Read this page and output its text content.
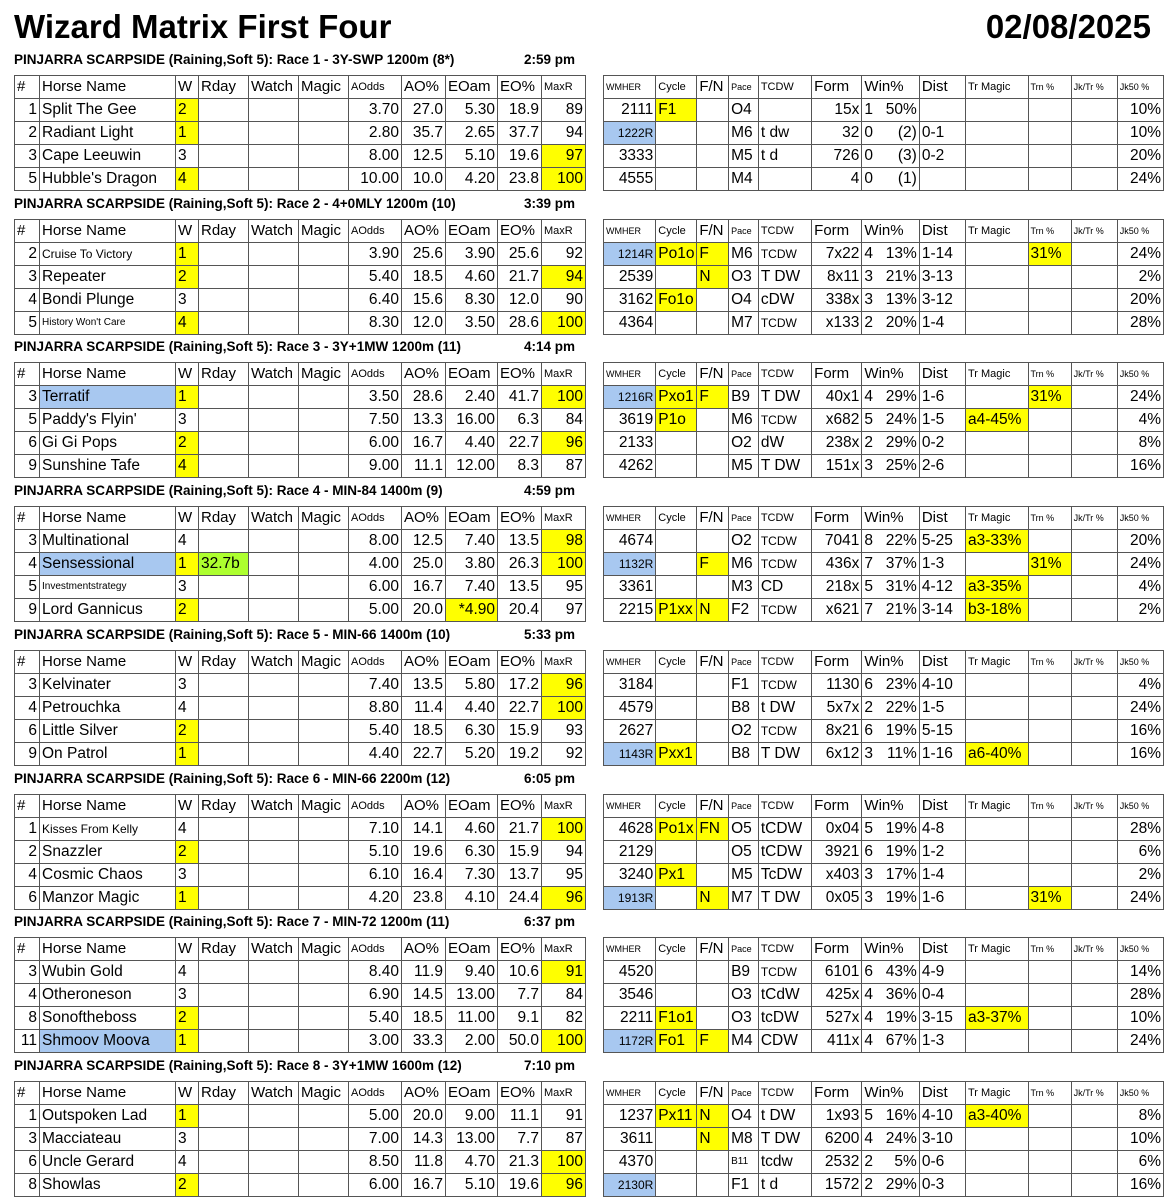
Wizard Matrix First Four	02/08/2025
PINJARRA SCARPSIDE (Raining,Soft 5): Race 1 - 3Y-SWP 1200m (8*)	2:59 pm
#	Horse Name	W	Rday	Watch	Magic	AOdds	AO%	EOam	EO%	MaxR
1	Split The Gee	2				3.70	27.0	5.30	18.9	89
2	Radiant Light	1				2.80	35.7	2.65	37.7	94
3	Cape Leeuwin	3				8.00	12.5	5.10	19.6	97
5	Hubble's Dragon	4				10.00	10.0	4.20	23.8	100
WMHER	Cycle	F/N	Pace	TCDW	Form	Win%		Dist	Tr Magic	Trn %	Jk/Tr %	Jk50 %
2111	F1		O4		15x	1	50%					10%
1222R			M6	t dw	32	0	(2)	0-1				10%
3333			M5	t d	726	0	(3)	0-2				20%
4555			M4		4	0	(1)					24%
PINJARRA SCARPSIDE (Raining,Soft 5): Race 2 - 4+0MLY 1200m (10)	3:39 pm
#	Horse Name	W	Rday	Watch	Magic	AOdds	AO%	EOam	EO%	MaxR
2	Cruise To Victory	1				3.90	25.6	3.90	25.6	92
3	Repeater	2				5.40	18.5	4.60	21.7	94
4	Bondi Plunge	3				6.40	15.6	8.30	12.0	90
5	History Won't Care	4				8.30	12.0	3.50	28.6	100
WMHER	Cycle	F/N	Pace	TCDW	Form	Win%		Dist	Tr Magic	Trn %	Jk/Tr %	Jk50 %
1214R	Po1o	F	M6	TCDW	7x22	4	13%	1-14		31%		24%
2539		N	O3	T DW	8x11	3	21%	3-13				2%
3162	Fo1o		O4	cDW	338x	3	13%	3-12				20%
4364			M7	TCDW	x133	2	20%	1-4				28%
PINJARRA SCARPSIDE (Raining,Soft 5): Race 3 - 3Y+1MW 1200m (11)	4:14 pm
#	Horse Name	W	Rday	Watch	Magic	AOdds	AO%	EOam	EO%	MaxR
3	Terratif	1				3.50	28.6	2.40	41.7	100
5	Paddy's Flyin'	3				7.50	13.3	16.00	6.3	84
6	Gi Gi Pops	2				6.00	16.7	4.40	22.7	96
9	Sunshine Tafe	4				9.00	11.1	12.00	8.3	87
WMHER	Cycle	F/N	Pace	TCDW	Form	Win%		Dist	Tr Magic	Trn %	Jk/Tr %	Jk50 %
1216R	Pxo1	F	B9	T DW	40x1	4	29%	1-6		31%		24%
3619	P1o		M6	TCDW	x682	5	24%	1-5	a4-45%			4%
2133			O2	dW	238x	2	29%	0-2				8%
4262			M5	T DW	151x	3	25%	2-6				16%
PINJARRA SCARPSIDE (Raining,Soft 5): Race 4 - MIN-84 1400m (9)	4:59 pm
#	Horse Name	W	Rday	Watch	Magic	AOdds	AO%	EOam	EO%	MaxR
3	Multinational	4				8.00	12.5	7.40	13.5	98
4	Sensessional	1	32.7b			4.00	25.0	3.80	26.3	100
5	Investmentstrategy	3				6.00	16.7	7.40	13.5	95
9	Lord Gannicus	2				5.00	20.0	*4.90	20.4	97
WMHER	Cycle	F/N	Pace	TCDW	Form	Win%		Dist	Tr Magic	Trn %	Jk/Tr %	Jk50 %
4674			O2	TCDW	7041	8	22%	5-25	a3-33%			20%
1132R		F	M6	TCDW	436x	7	37%	1-3		31%		24%
3361			M3	CD	218x	5	31%	4-12	a3-35%			4%
2215	P1xx	N	F2	TCDW	x621	7	21%	3-14	b3-18%			2%
PINJARRA SCARPSIDE (Raining,Soft 5): Race 5 - MIN-66 1400m (10)	5:33 pm
#	Horse Name	W	Rday	Watch	Magic	AOdds	AO%	EOam	EO%	MaxR
3	Kelvinater	3				7.40	13.5	5.80	17.2	96
4	Petrouchka	4				8.80	11.4	4.40	22.7	100
6	Little Silver	2				5.40	18.5	6.30	15.9	93
9	On Patrol	1				4.40	22.7	5.20	19.2	92
WMHER	Cycle	F/N	Pace	TCDW	Form	Win%		Dist	Tr Magic	Trn %	Jk/Tr %	Jk50 %
3184			F1	TCDW	1130	6	23%	4-10				4%
4579			B8	t DW	5x7x	2	22%	1-5				24%
2627			O2	TCDW	8x21	6	19%	5-15				16%
1143R	Pxx1		B8	T DW	6x12	3	11%	1-16	a6-40%			16%
PINJARRA SCARPSIDE (Raining,Soft 5): Race 6 - MIN-66 2200m (12)	6:05 pm
#	Horse Name	W	Rday	Watch	Magic	AOdds	AO%	EOam	EO%	MaxR
1	Kisses From Kelly	4				7.10	14.1	4.60	21.7	100
2	Snazzler	2				5.10	19.6	6.30	15.9	94
4	Cosmic Chaos	3				6.10	16.4	7.30	13.7	95
6	Manzor Magic	1				4.20	23.8	4.10	24.4	96
WMHER	Cycle	F/N	Pace	TCDW	Form	Win%		Dist	Tr Magic	Trn %	Jk/Tr %	Jk50 %
4628	Po1x	FN	O5	tCDW	0x04	5	19%	4-8				28%
2129			O5	tCDW	3921	6	19%	1-2				6%
3240	Px1		M5	TcDW	x403	3	17%	1-4				2%
1913R		N	M7	T DW	0x05	3	19%	1-6		31%		24%
PINJARRA SCARPSIDE (Raining,Soft 5): Race 7 - MIN-72 1200m (11)	6:37 pm
#	Horse Name	W	Rday	Watch	Magic	AOdds	AO%	EOam	EO%	MaxR
3	Wubin Gold	4				8.40	11.9	9.40	10.6	91
4	Otheroneson	3				6.90	14.5	13.00	7.7	84
8	Sonoftheboss	2				5.40	18.5	11.00	9.1	82
11	Shmoov Moova	1				3.00	33.3	2.00	50.0	100
WMHER	Cycle	F/N	Pace	TCDW	Form	Win%		Dist	Tr Magic	Trn %	Jk/Tr %	Jk50 %
4520			B9	TCDW	6101	6	43%	4-9				14%
3546			O3	tCdW	425x	4	36%	0-4				28%
2211	F1o1		O3	tcDW	527x	4	19%	3-15	a3-37%			10%
1172R	Fo1	F	M4	CDW	411x	4	67%	1-3				24%
PINJARRA SCARPSIDE (Raining,Soft 5): Race 8 - 3Y+1MW 1600m (12)	7:10 pm
#	Horse Name	W	Rday	Watch	Magic	AOdds	AO%	EOam	EO%	MaxR
1	Outspoken Lad	1				5.00	20.0	9.00	11.1	91
3	Macciateau	3				7.00	14.3	13.00	7.7	87
6	Uncle Gerard	4				8.50	11.8	4.70	21.3	100
8	Showlas	2				6.00	16.7	5.10	19.6	96
WMHER	Cycle	F/N	Pace	TCDW	Form	Win%		Dist	Tr Magic	Trn %	Jk/Tr %	Jk50 %
1237	Px11	N	O4	t DW	1x93	5	16%	4-10	a3-40%			8%
3611		N	M8	T DW	6200	4	24%	3-10				10%
4370			B11	tcdw	2532	2	5%	0-6				6%
2130R			F1	t d	1572	2	29%	0-3				16%
